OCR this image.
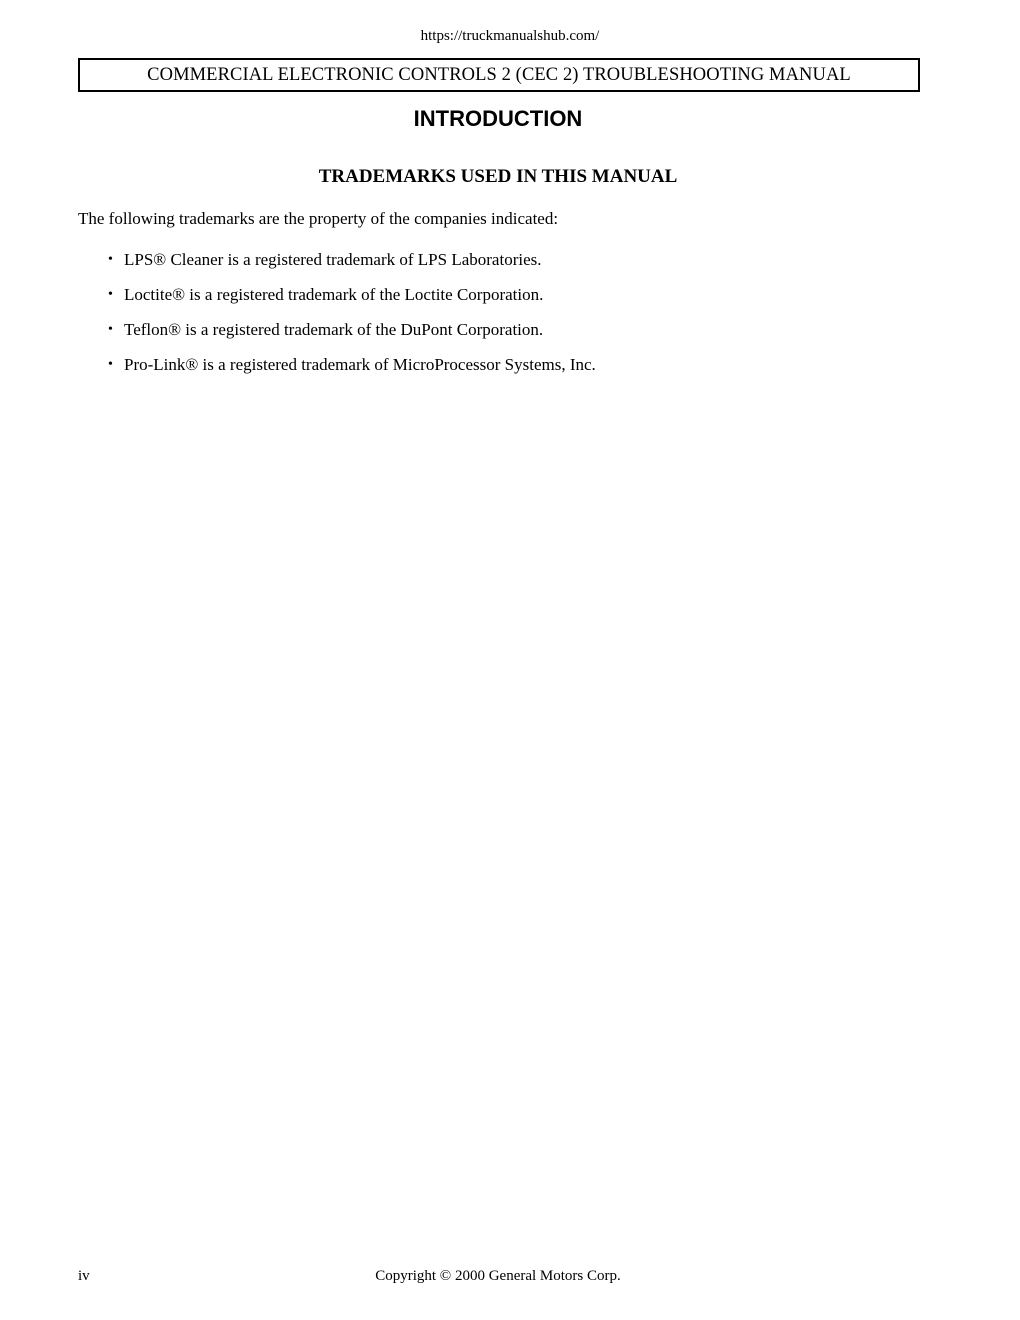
https://truckmanualshub.com/
COMMERCIAL ELECTRONIC CONTROLS 2 (CEC 2) TROUBLESHOOTING MANUAL
INTRODUCTION
TRADEMARKS USED IN THIS MANUAL
The following trademarks are the property of the companies indicated:
• LPS® Cleaner is a registered trademark of LPS Laboratories.
• Loctite® is a registered trademark of the Loctite Corporation.
• Teflon® is a registered trademark of the DuPont Corporation.
• Pro-Link® is a registered trademark of MicroProcessor Systems, Inc.
iv	Copyright © 2000 General Motors Corp.
